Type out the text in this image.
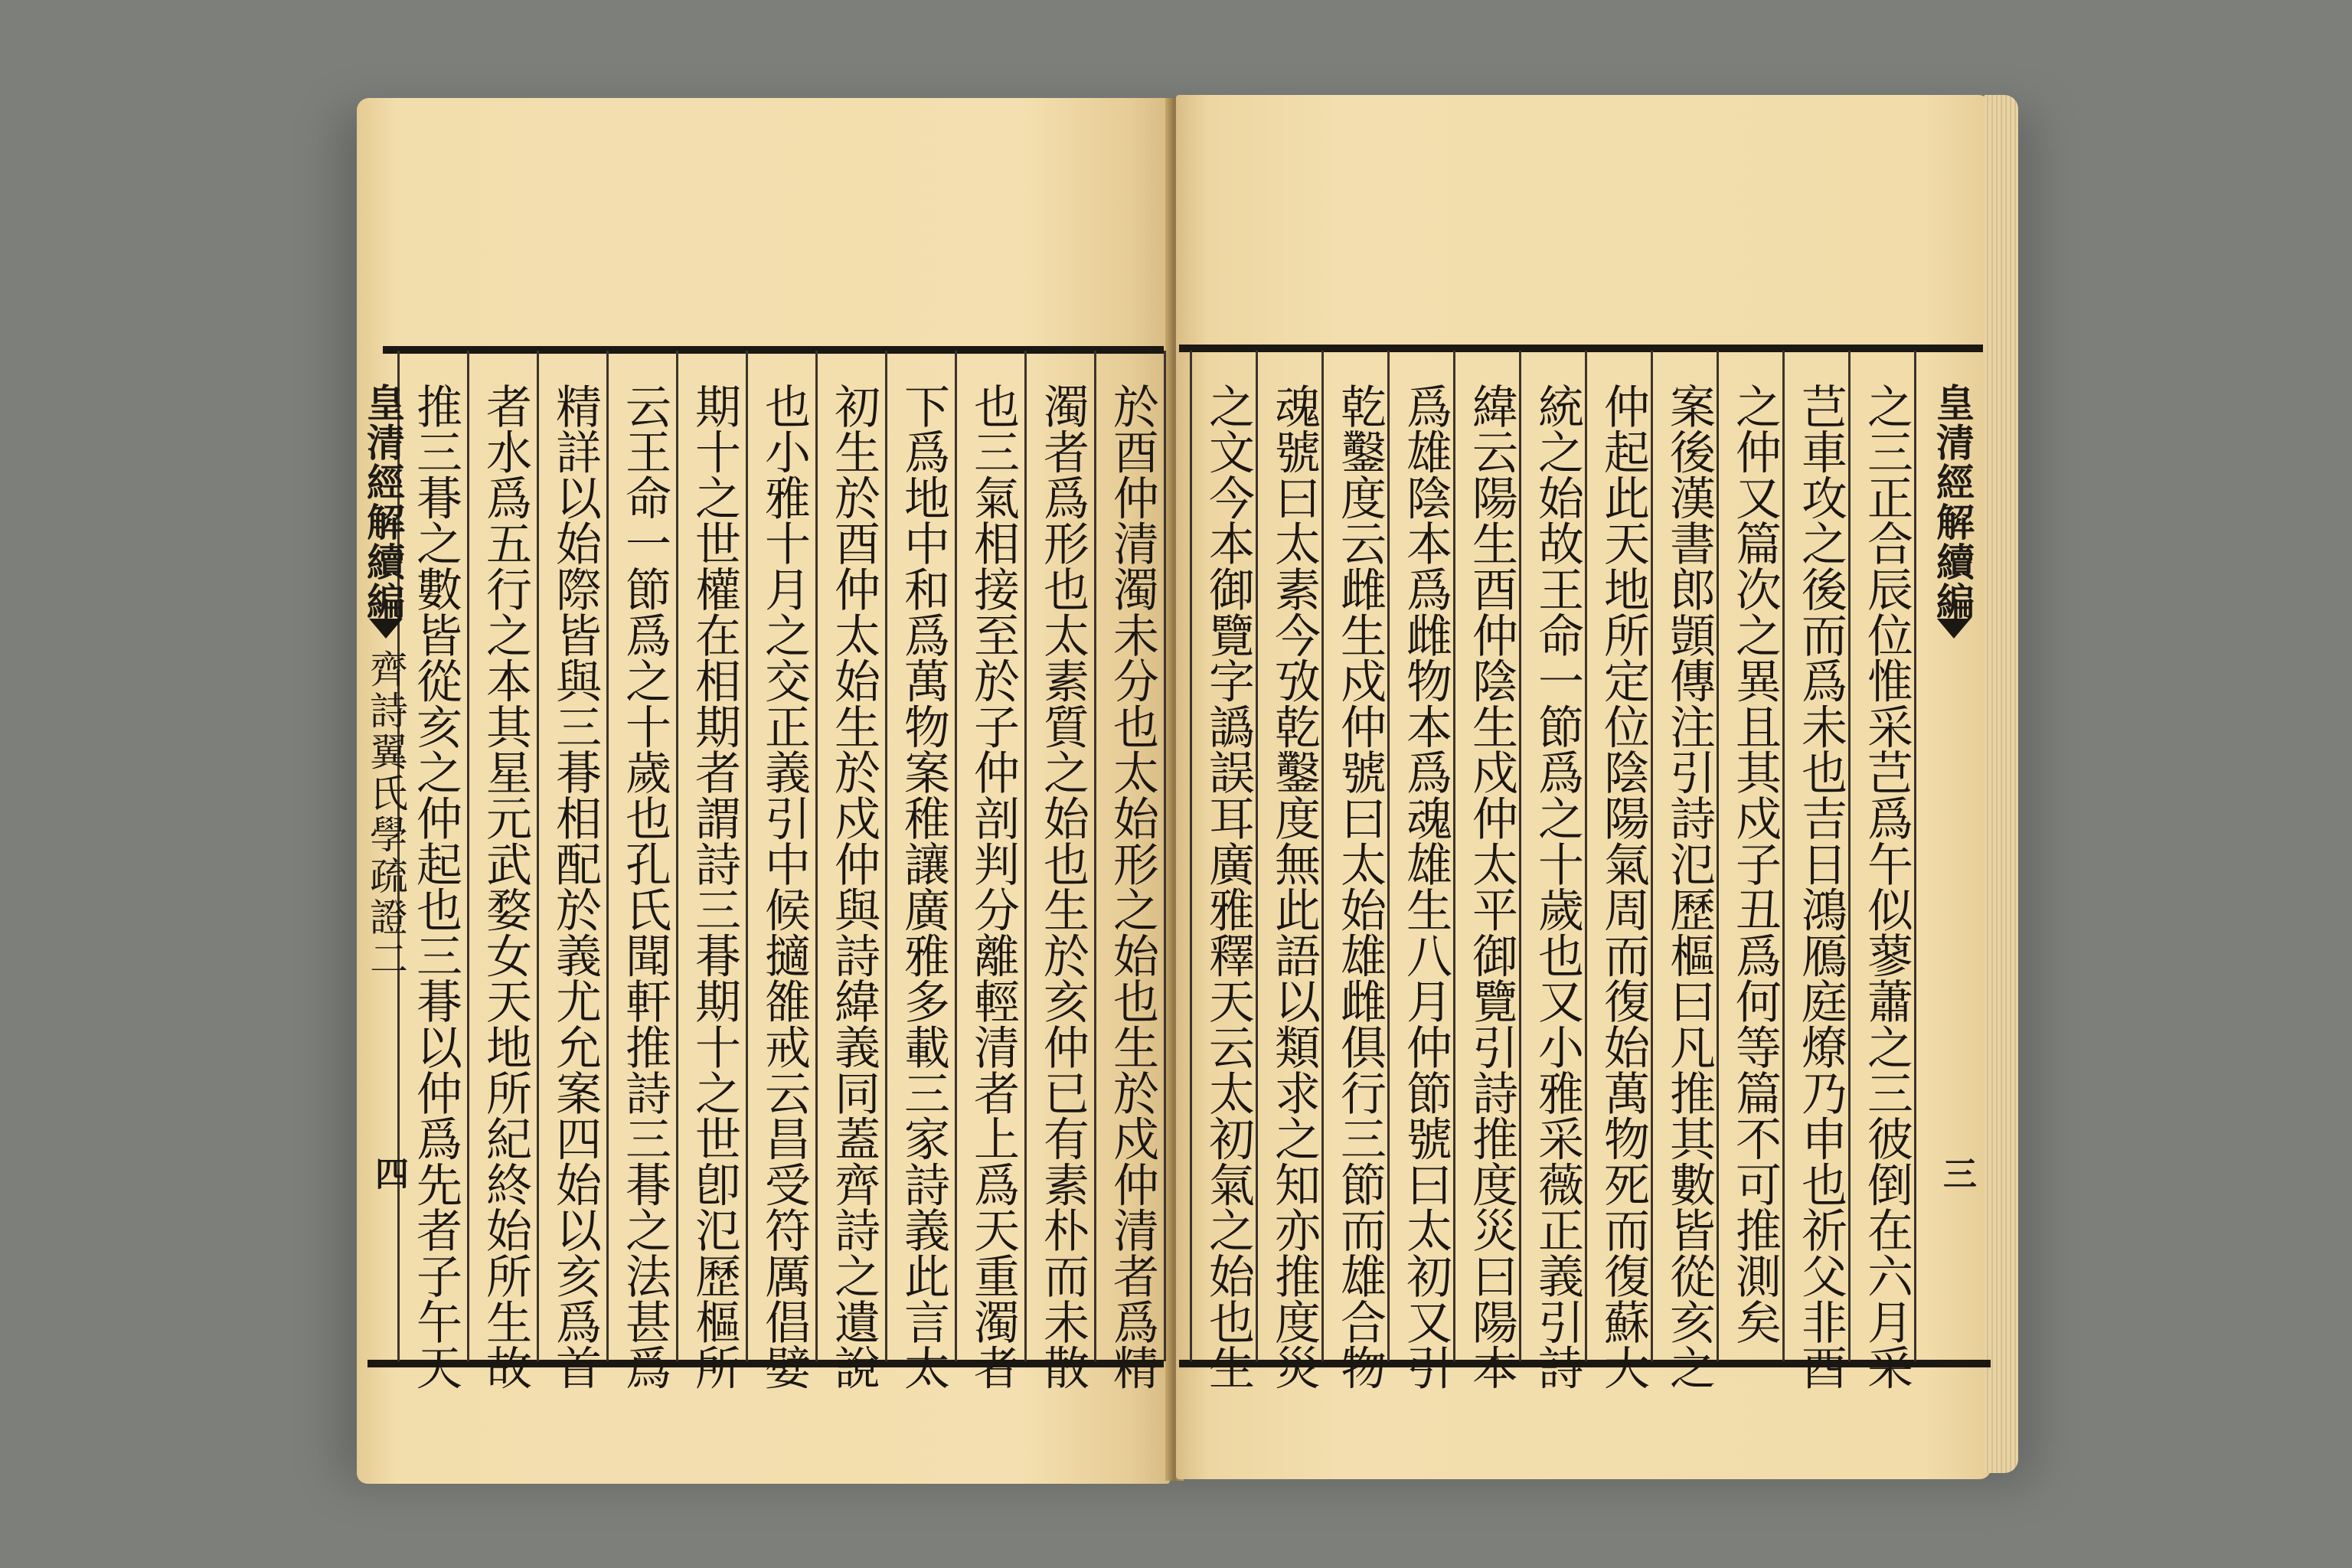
皇清經解續編
齊詩翼氏學疏證二
四
皇清經解續編
三
於酉仲清濁未分也太始形之始也生於戍仲清者爲精
濁者爲形也太素質之始也生於亥仲已有素朴而未散
也三氣相接至於子仲剖判分離輕清者上爲天重濁者
下爲地中和爲萬物案稚讓廣雅多載三家詩義此言太
初生於酉仲太始生於戍仲與詩緯義同蓋齊詩之遺說
也小雅十月之交正義引中候擿雒戒云昌受符厲倡嬖
期十之世權在相期者謂詩三朞期十之世卽氾歷樞所
云王命一節爲之十歲也孔氏聞軒推詩三朞之法甚爲
精詳以始際皆與三朞相配於義尤允案四始以亥爲首
者水爲五行之本其星元武婺女天地所紀終始所生故
推三朞之數皆從亥之仲起也三朞以仲爲先者子午天	之三正合辰位惟采芑爲午似蓼蕭之三彼倒在六月采
芑車攻之後而爲未也吉日鴻鴈庭燎乃申也祈父非酉
之仲又篇次之異且其戍子丑爲何等篇不可推測矣
案後漢書郎顗傳注引詩氾歷樞曰凡推其數皆從亥之
仲起此天地所定位陰陽氣周而復始萬物死而復蘇大
統之始故王命一節爲之十歲也又小雅采薇正義引詩
緯云陽生酉仲陰生戍仲太平御覽引詩推度災曰陽本
爲雄陰本爲雌物本爲魂雄生八月仲節號曰太初又引
乾鑿度云雌生戍仲號曰太始雄雌俱行三節而雄合物
魂號曰太素今攷乾鑿度無此語以類求之知亦推度災
之文今本御覽字譌誤耳廣雅釋天云太初氣之始也生
